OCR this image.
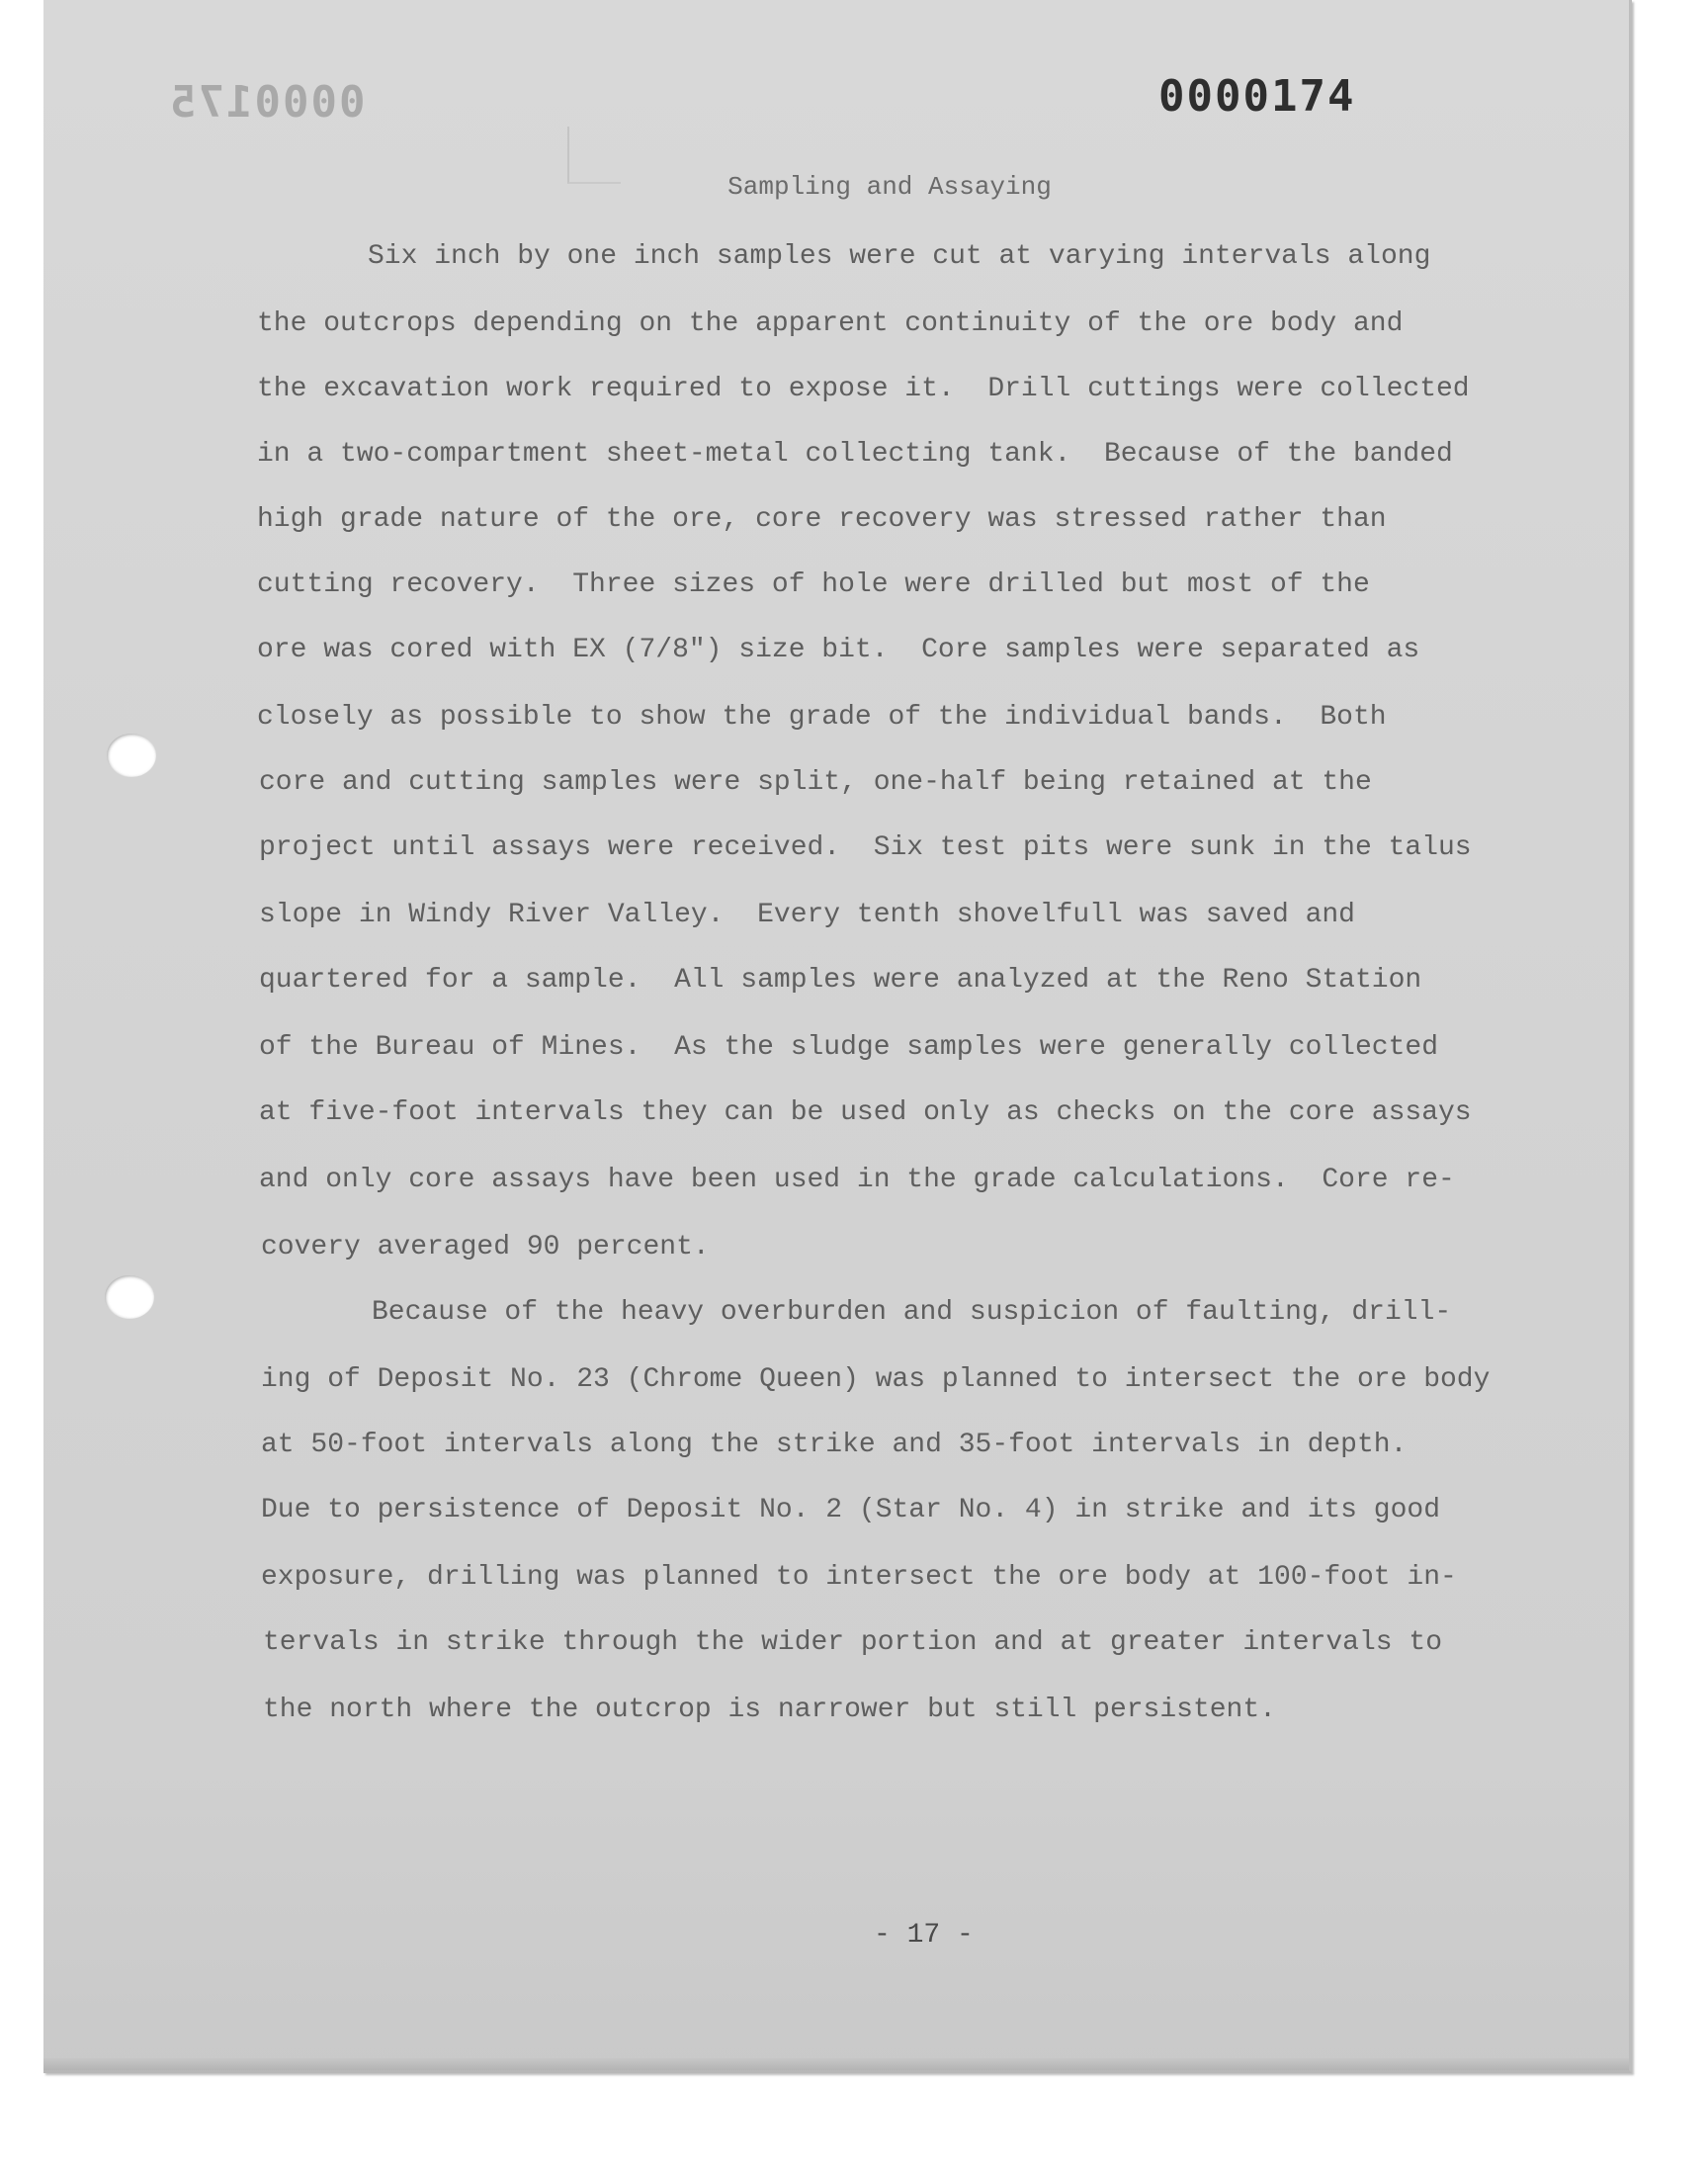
0000175	0000174
Sampling and Assaying
Six inch by one inch samples were cut at varying intervals along
the outcrops depending on the apparent continuity of the ore body and
the excavation work required to expose it.  Drill cuttings were collected
in a two-compartment sheet-metal collecting tank.  Because of the banded
high grade nature of the ore, core recovery was stressed rather than
cutting recovery.  Three sizes of hole were drilled but most of the
ore was cored with EX (7/8") size bit.  Core samples were separated as
closely as possible to show the grade of the individual bands.  Both
core and cutting samples were split, one-half being retained at the
project until assays were received.  Six test pits were sunk in the talus
slope in Windy River Valley.  Every tenth shovelfull was saved and
quartered for a sample.  All samples were analyzed at the Reno Station
of the Bureau of Mines.  As the sludge samples were generally collected
at five-foot intervals they can be used only as checks on the core assays
and only core assays have been used in the grade calculations.  Core re-
covery averaged 90 percent.
Because of the heavy overburden and suspicion of faulting, drill-
ing of Deposit No. 23 (Chrome Queen) was planned to intersect the ore body
at 50-foot intervals along the strike and 35-foot intervals in depth.
Due to persistence of Deposit No. 2 (Star No. 4) in strike and its good
exposure, drilling was planned to intersect the ore body at 100-foot in-
tervals in strike through the wider portion and at greater intervals to
the north where the outcrop is narrower but still persistent.
- 17 -
